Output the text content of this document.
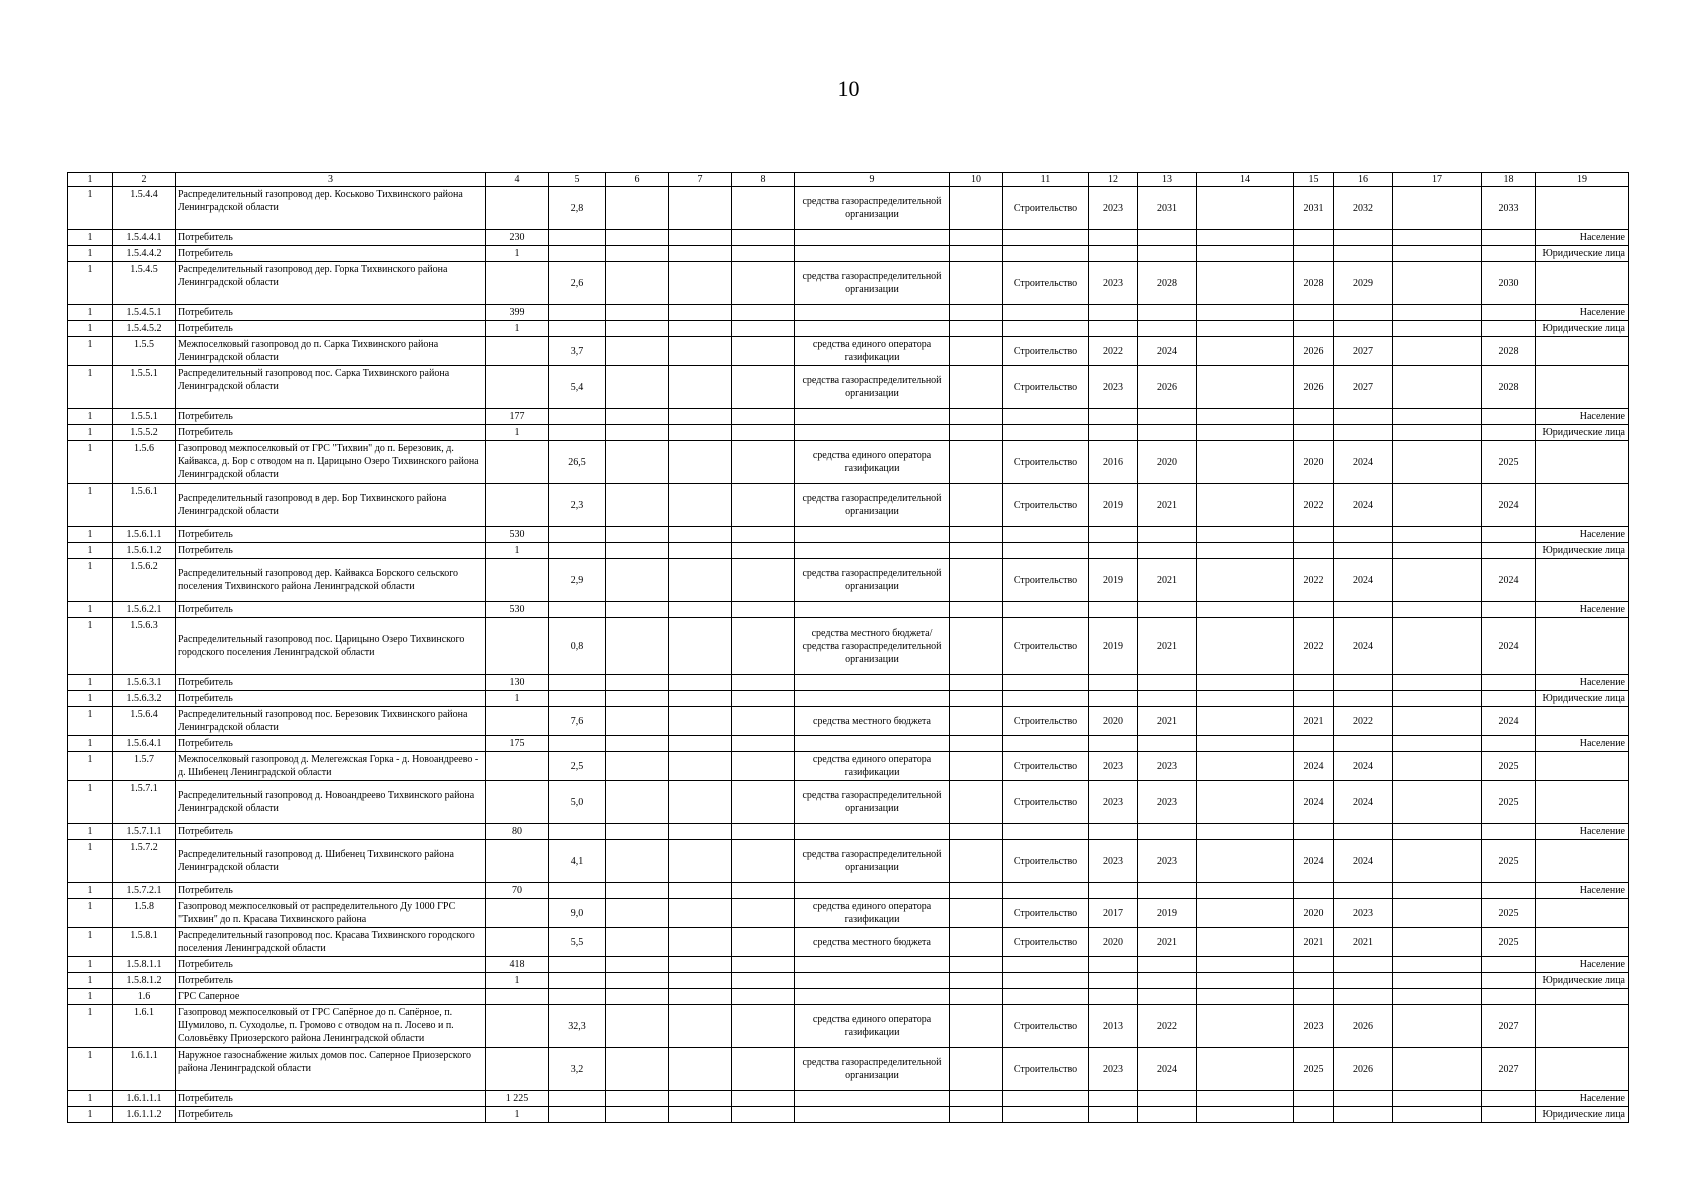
10
1	2	3	4	5	6	7	8	9	10	11	12	13	14	15	16	17	18	19
1	1.5.4.4	Распределительный газопровод дер. Коськово Тихвинского района Ленинградской области		2,8				средства газораспределительной организации		Строительство	2023	2031		2031	2032		2033	
1	1.5.4.4.1	Потребитель	230															Население
1	1.5.4.4.2	Потребитель	1															Юридические лица
1	1.5.4.5	Распределительный газопровод дер. Горка Тихвинского района Ленинградской области		2,6				средства газораспределительной организации		Строительство	2023	2028		2028	2029		2030	
1	1.5.4.5.1	Потребитель	399															Население
1	1.5.4.5.2	Потребитель	1															Юридические лица
1	1.5.5	Межпоселковый газопровод до п. Сарка Тихвинского района Ленинградской области		3,7				средства единого оператора газификации		Строительство	2022	2024		2026	2027		2028	
1	1.5.5.1	Распределительный газопровод пос. Сарка Тихвинского района Ленинградской области		5,4				средства газораспределительной организации		Строительство	2023	2026		2026	2027		2028	
1	1.5.5.1	Потребитель	177															Население
1	1.5.5.2	Потребитель	1															Юридические лица
1	1.5.6	Газопровод межпоселковый от ГРС "Тихвин" до п. Березовик, д. Кайвакса, д. Бор с отводом на п. Царицыно Озеро Тихвинского района Ленинградской области		26,5				средства единого оператора газификации		Строительство	2016	2020		2020	2024		2025	
1	1.5.6.1	Распределительный газопровод в дер. Бор Тихвинского района Ленинградской области		2,3				средства газораспределительной организации		Строительство	2019	2021		2022	2024		2024	
1	1.5.6.1.1	Потребитель	530															Население
1	1.5.6.1.2	Потребитель	1															Юридические лица
1	1.5.6.2	Распределительный газопровод дер. Кайвакса Борского сельского поселения Тихвинского района Ленинградской области		2,9				средства газораспределительной организации		Строительство	2019	2021		2022	2024		2024	
1	1.5.6.2.1	Потребитель	530															Население
1	1.5.6.3	Распределительный газопровод пос. Царицыно Озеро Тихвинского городского поселения Ленинградской области		0,8				средства местного бюджета/средства газораспределительной организации		Строительство	2019	2021		2022	2024		2024	
1	1.5.6.3.1	Потребитель	130															Население
1	1.5.6.3.2	Потребитель	1															Юридические лица
1	1.5.6.4	Распределительный газопровод пос. Березовик Тихвинского района Ленинградской области		7,6				средства местного бюджета		Строительство	2020	2021		2021	2022		2024	
1	1.5.6.4.1	Потребитель	175															Население
1	1.5.7	Межпоселковый газопровод д. Мелегежская Горка - д. Новоандреево - д. Шибенец Ленинградской области		2,5				средства единого оператора газификации		Строительство	2023	2023		2024	2024		2025	
1	1.5.7.1	Распределительный газопровод д. Новоандреево Тихвинского района Ленинградской области		5,0				средства газораспределительной организации		Строительство	2023	2023		2024	2024		2025	
1	1.5.7.1.1	Потребитель	80															Население
1	1.5.7.2	Распределительный газопровод д. Шибенец Тихвинского района Ленинградской области		4,1				средства газораспределительной организации		Строительство	2023	2023		2024	2024		2025	
1	1.5.7.2.1	Потребитель	70															Население
1	1.5.8	Газопровод межпоселковый от распределительного Ду 1000 ГРС "Тихвин" до п. Красава Тихвинского района		9,0				средства единого оператора газификации		Строительство	2017	2019		2020	2023		2025	
1	1.5.8.1	Распределительный газопровод пос. Красава Тихвинского городского поселения Ленинградской области		5,5				средства местного бюджета		Строительство	2020	2021		2021	2021		2025	
1	1.5.8.1.1	Потребитель	418															Население
1	1.5.8.1.2	Потребитель	1															Юридические лица
1	1.6	ГРС Саперное																
1	1.6.1	Газопровод межпоселковый от ГРС Сапёрное до п. Сапёрное, п. Шумилово, п. Суходолье, п. Громово с отводом на п. Лосево и п. Соловьёвку Приозерского района Ленинградской области		32,3				средства единого оператора газификации		Строительство	2013	2022		2023	2026		2027	
1	1.6.1.1	Наружное газоснабжение жилых домов пос. Саперное Приозерского района Ленинградской области		3,2				средства газораспределительной организации		Строительство	2023	2024		2025	2026		2027	
1	1.6.1.1.1	Потребитель	1 225															Население
1	1.6.1.1.2	Потребитель	1															Юридические лица
